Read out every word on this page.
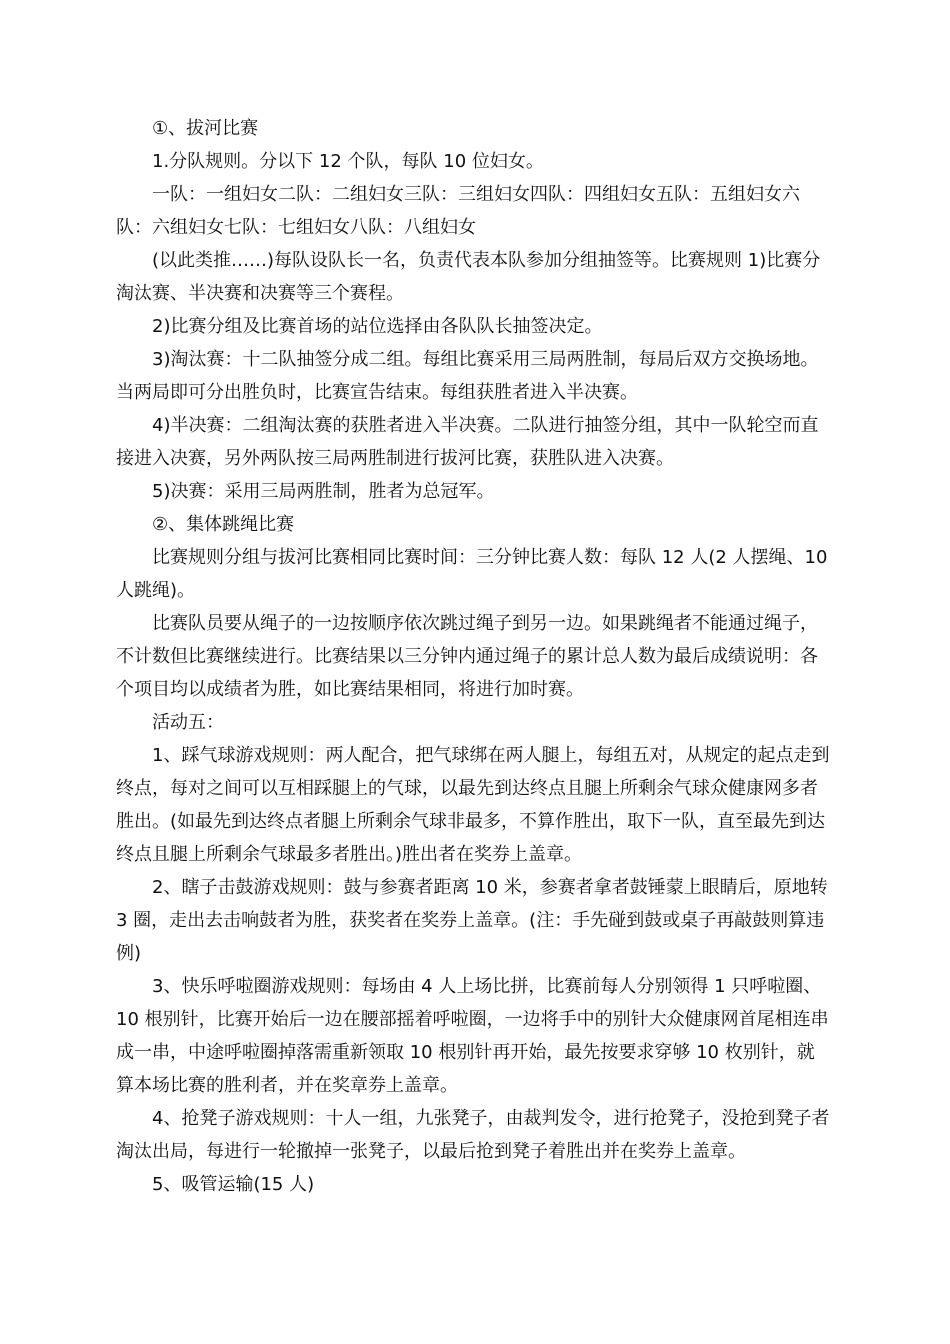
①、拔河比赛

1.分队规则。分以下 12 个队，每队 10 位妇女。

一队：一组妇女二队：二组妇女三队：三组妇女四队：四组妇女五队：五组妇女六队：六组妇女七队：七组妇女八队：八组妇女

(以此类推……)每队设队长一名，负责代表本队参加分组抽签等。比赛规则 1)比赛分淘汰赛、半决赛和决赛等三个赛程。

2)比赛分组及比赛首场的站位选择由各队队长抽签决定。

3)淘汰赛：十二队抽签分成二组。每组比赛采用三局两胜制，每局后双方交换场地。当两局即可分出胜负时，比赛宣告结束。每组获胜者进入半决赛。

4)半决赛：二组淘汰赛的获胜者进入半决赛。二队进行抽签分组，其中一队轮空而直接进入决赛，另外两队按三局两胜制进行拔河比赛，获胜队进入决赛。

5)决赛：采用三局两胜制，胜者为总冠军。

②、集体跳绳比赛

比赛规则分组与拔河比赛相同比赛时间：三分钟比赛人数：每队 12 人(2 人摆绳、10 人跳绳)。

比赛队员要从绳子的一边按顺序依次跳过绳子到另一边。如果跳绳者不能通过绳子，不计数但比赛继续进行。比赛结果以三分钟内通过绳子的累计总人数为最后成绩说明：各个项目均以成绩者为胜，如比赛结果相同，将进行加时赛。

活动五：

1、踩气球游戏规则：两人配合，把气球绑在两人腿上，每组五对，从规定的起点走到终点，每对之间可以互相踩腿上的气球，以最先到达终点且腿上所剩余气球众健康网多者胜出。(如最先到达终点者腿上所剩余气球非最多，不算作胜出，取下一队，直至最先到达终点且腿上所剩余气球最多者胜出。)胜出者在奖券上盖章。

2、瞎子击鼓游戏规则：鼓与参赛者距离 10 米，参赛者拿者鼓锤蒙上眼睛后，原地转 3 圈，走出去击响鼓者为胜，获奖者在奖券上盖章。(注：手先碰到鼓或桌子再敲鼓则算违例)

3、快乐呼啦圈游戏规则：每场由 4 人上场比拼，比赛前每人分别领得 1 只呼啦圈、10 根别针，比赛开始后一边在腰部摇着呼啦圈，一边将手中的别针大众健康网首尾相连串成一串，中途呼啦圈掉落需重新领取 10 根别针再开始，最先按要求穿够 10 枚别针，就算本场比赛的胜利者，并在奖章券上盖章。

4、抢凳子游戏规则：十人一组，九张凳子，由裁判发令，进行抢凳子，没抢到凳子者淘汰出局，每进行一轮撤掉一张凳子，以最后抢到凳子着胜出并在奖券上盖章。

5、吸管运输(15 人)
